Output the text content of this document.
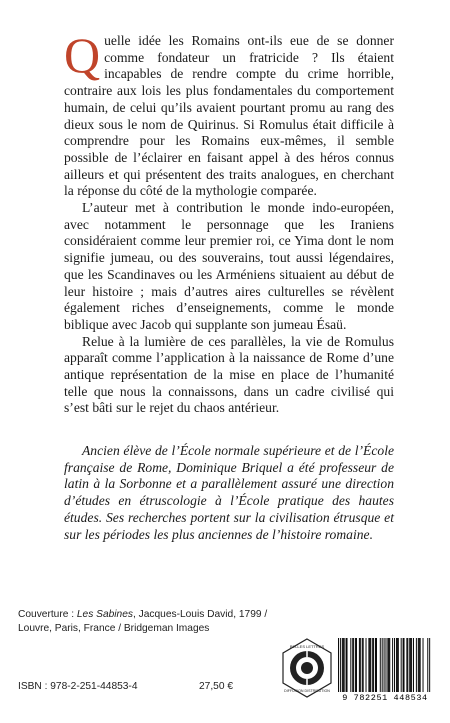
Quelle idée les Romains ont-ils eue de se donner comme fondateur un fratricide ? Ils étaient incapables de rendre compte du crime horrible, contraire aux lois les plus fondamentales du comportement humain, de celui qu’ils avaient pourtant promu au rang des dieux sous le nom de Quirinus. Si Romulus était difficile à comprendre pour les Romains eux-mêmes, il semble possible de l’éclairer en faisant appel à des héros connus ailleurs et qui présentent des traits analogues, en cherchant la réponse du côté de la mythologie comparée.

L’auteur met à contribution le monde indo-européen, avec notamment le personnage que les Iraniens considéraient comme leur premier roi, ce Yima dont le nom signifie jumeau, ou des souverains, tout aussi légendaires, que les Scandinaves ou les Arméniens situaient au début de leur histoire ; mais d’autres aires culturelles se révèlent également riches d’enseignements, comme le monde biblique avec Jacob qui supplante son jumeau Ésaü.

Relue à la lumière de ces parallèles, la vie de Romulus apparaît comme l’application à la naissance de Rome d’une antique représentation de la mise en place de l’humanité telle que nous la connaissons, dans un cadre civilisé qui s’est bâti sur le rejet du chaos antérieur.

Ancien élève de l’École normale supérieure et de l’École française de Rome, Dominique Briquel a été professeur de latin à la Sorbonne et a parallèlement assuré une direction d’études en étruscologie à l’École pratique des hautes études. Ses recherches portent sur la civilisation étrusque et sur les périodes les plus anciennes de l’histoire romaine.

Couverture : Les Sabines, Jacques-Louis David, 1799 / Louvre, Paris, France / Bridgeman Images
ISBN : 978-2-251-44853-4	27,50 €
BELLES LETTRES
DIFFUSION DISTRIBUTION
9 782251 448534
